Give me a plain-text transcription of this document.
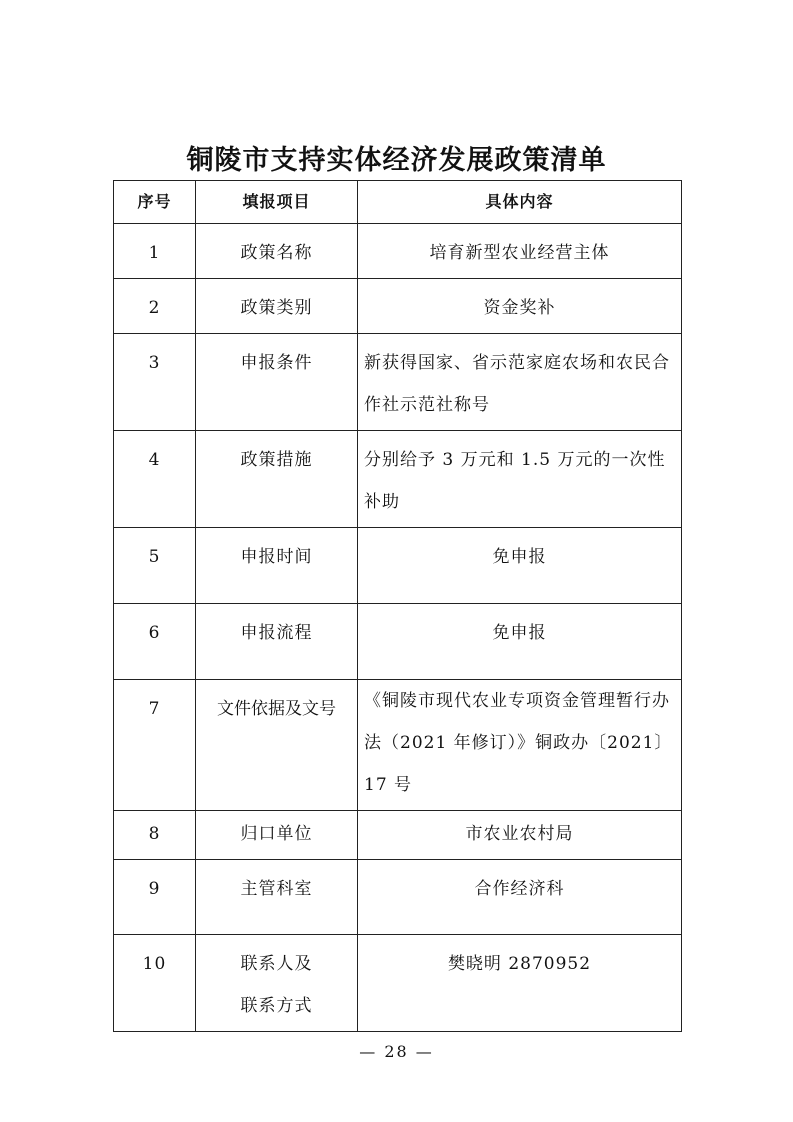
铜陵市支持实体经济发展政策清单
序号	填报项目	具体内容
1	政策名称	培育新型农业经营主体
2	政策类别	资金奖补
3	申报条件	新获得国家、省示范家庭农场和农民合作社示范社称号
4	政策措施	分别给予 3 万元和 1.5 万元的一次性补助
5	申报时间	免申报
6	申报流程	免申报
7	文件依据及文号	《铜陵市现代农业专项资金管理暂行办法（2021 年修订）》铜政办〔2021〕17 号
8	归口单位	市农业农村局
9	主管科室	合作经济科
10	联系人及联系方式	樊晓明 2870952
— 28 —
